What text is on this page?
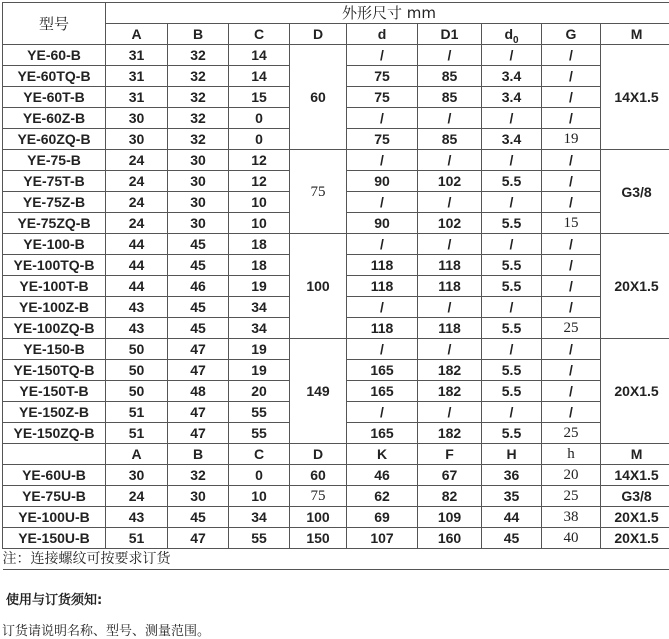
型号	外形尺寸 mm								
	A	B	C	D	d	D1	$d_0$	G	M
YE-60-B	31	32	14	60	/	/	/	/	14X1.5
YE-60TQ-B	31	32	14		75	85	3.4	/	
YE-60T-B	31	32	15		75	85	3.4	/	
YE-60Z-B	30	32	0		/	/	/	/	
YE-60ZQ-B	30	32	0		75	85	3.4	19	
YE-75-B	24	30	12	75	/	/	/	/	G3/8
YE-75T-B	24	30	12		90	102	5.5	/	
YE-75Z-B	24	30	10		/	/	/	/	
YE-75ZQ-B	24	30	10		90	102	5.5	15	
YE-100-B	44	45	18	100	/	/	/	/	20X1.5
YE-100TQ-B	44	45	18		118	118	5.5	/	
YE-100T-B	44	46	19		118	118	5.5	/	
YE-100Z-B	43	45	34		/	/	/	/	
YE-100ZQ-B	43	45	34		118	118	5.5	25	
YE-150-B	50	47	19	149	/	/	/	/	20X1.5
YE-150TQ-B	50	47	19		165	182	5.5	/	
YE-150T-B	50	48	20		165	182	5.5	/	
YE-150Z-B	51	47	55		/	/	/	/	
YE-150ZQ-B	51	47	55		165	182	5.5	25	
	A	B	C	D	K	F	H	h	M
YE-60U-B	30	32	0	60	46	67	36	20	14X1.5
YE-75U-B	24	30	10	75	62	82	35	25	G3/8
YE-100U-B	43	45	34	100	69	109	44	38	20X1.5
YE-150U-B	51	47	55	150	107	160	45	40	20X1.5
注：连接螺纹可按要求订货									
使用与订货须知:
订货请说明名称、型号、测量范围。
